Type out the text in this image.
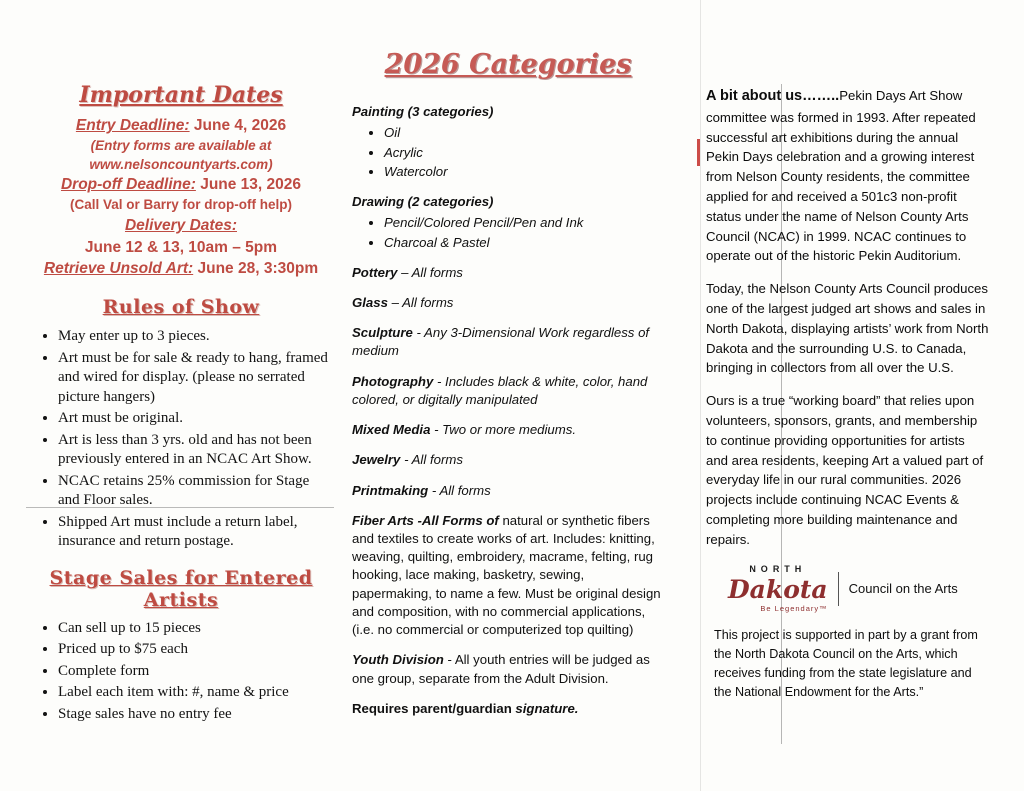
Important Dates
Entry Deadline: June 4, 2026
(Entry forms are available at
www.nelsoncountyarts.com)
Drop-off Deadline: June 13, 2026
(Call Val or Barry for drop-off help)
Delivery Dates:
June 12 & 13, 10am – 5pm
Retrieve Unsold Art: June 28, 3:30pm
Rules of Show
• May enter up to 3 pieces.
• Art must be for sale & ready to hang, framed and wired for display. (please no serrated picture hangers)
• Art must be original.
• Art is less than 3 yrs. old and has not been previously entered in an NCAC Art Show.
• NCAC retains 25% commission for Stage and Floor sales.
• Shipped Art must include a return label, insurance and return postage.
Stage Sales for Entered Artists
• Can sell up to 15 pieces
• Priced up to $75 each
• Complete form
• Label each item with: #, name & price
• Stage sales have no entry fee
2026 Categories
Painting (3 categories)
• Oil
• Acrylic
• Watercolor
Drawing (2 categories)
• Pencil/Colored Pencil/Pen and Ink
• Charcoal & Pastel

Pottery – All forms

Glass – All forms

Sculpture - Any 3-Dimensional Work regardless of medium

Photography - Includes black & white, color, hand colored, or digitally manipulated

Mixed Media - Two or more mediums.

Jewelry - All forms

Printmaking - All forms

Fiber Arts -All Forms of natural or synthetic fibers and textiles to create works of art. Includes: knitting, weaving, quilting, embroidery, macrame, felting, rug hooking, lace making, basketry, sewing, papermaking, to name a few. Must be original design and composition, with no commercial applications, (i.e. no commercial or computerized top quilting)

Youth Division - All youth entries will be judged as one group, separate from the Adult Division.

Requires parent/guardian signature.

A bit about us……..Pekin Days Art Show committee was formed in 1993. After repeated successful art exhibitions during the annual Pekin Days celebration and a growing interest from Nelson County residents, the committee applied for and received a 501c3 non-profit status under the name of Nelson County Arts Council (NCAC) in 1999. NCAC continues to operate out of the historic Pekin Auditorium.

Today, the Nelson County Arts Council produces one of the largest judged art shows and sales in North Dakota, displaying artists’ work from North Dakota and the surrounding U.S. to Canada, bringing in collectors from all over the U.S.

Ours is a true “working board” that relies upon volunteers, sponsors, grants, and membership to continue providing opportunities for artists and area residents, keeping Art a valued part of everyday life in our rural communities. 2026 projects include continuing NCAC Events & completing more building maintenance and repairs.

NORTH
Dakota
Be Legendary™
Council on the Arts

This project is supported in part by a grant from the North Dakota Council on the Arts, which receives funding from the state legislature and the National Endowment for the Arts.”
